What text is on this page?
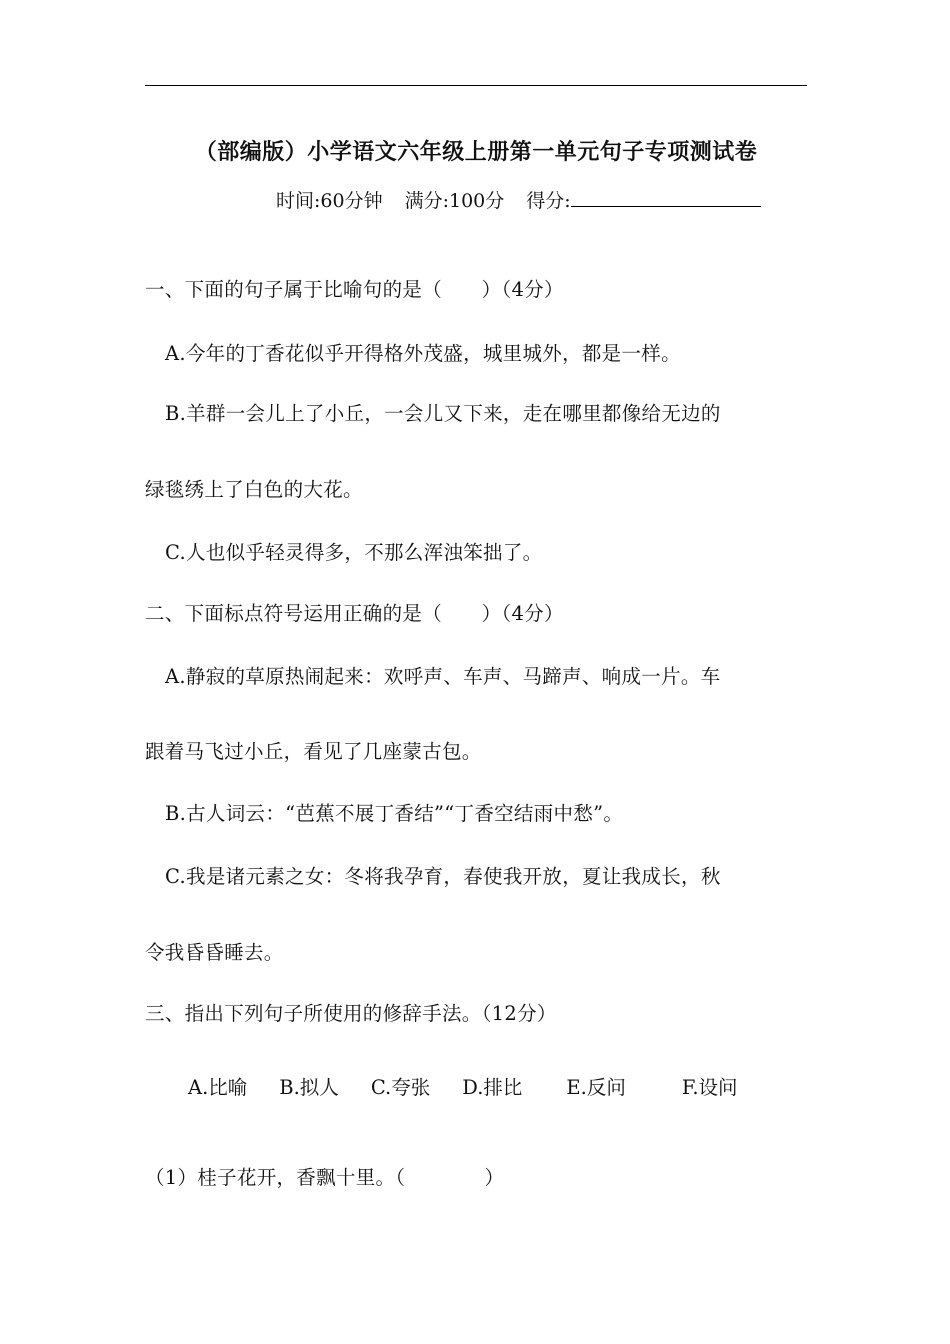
（部编版）小学语文六年级上册第一单元句子专项测试卷
时间:60分钟 满分:100分 得分:
一、下面的句子属于比喻句的是（　　）（4分）
A.今年的丁香花似乎开得格外茂盛，城里城外，都是一样。
B.羊群一会儿上了小丘，一会儿又下来，走在哪里都像给无边的
绿毯绣上了白色的大花。
C.人也似乎轻灵得多，不那么浑浊笨拙了。
二、下面标点符号运用正确的是（　　）（4分）
A.静寂的草原热闹起来：欢呼声、车声、马蹄声、响成一片。车
跟着马飞过小丘，看见了几座蒙古包。
B.古人词云：“芭蕉不展丁香结”“丁香空结雨中愁”。
C.我是诸元素之女：冬将我孕育，春使我开放，夏让我成长，秋
令我昏昏睡去。
三、指出下列句子所使用的修辞手法。（12分）
A.比喻 B.拟人 C.夸张 D.排比 E.反问	F.设问
（1）桂子花开，香飘十里。（　　　　）
